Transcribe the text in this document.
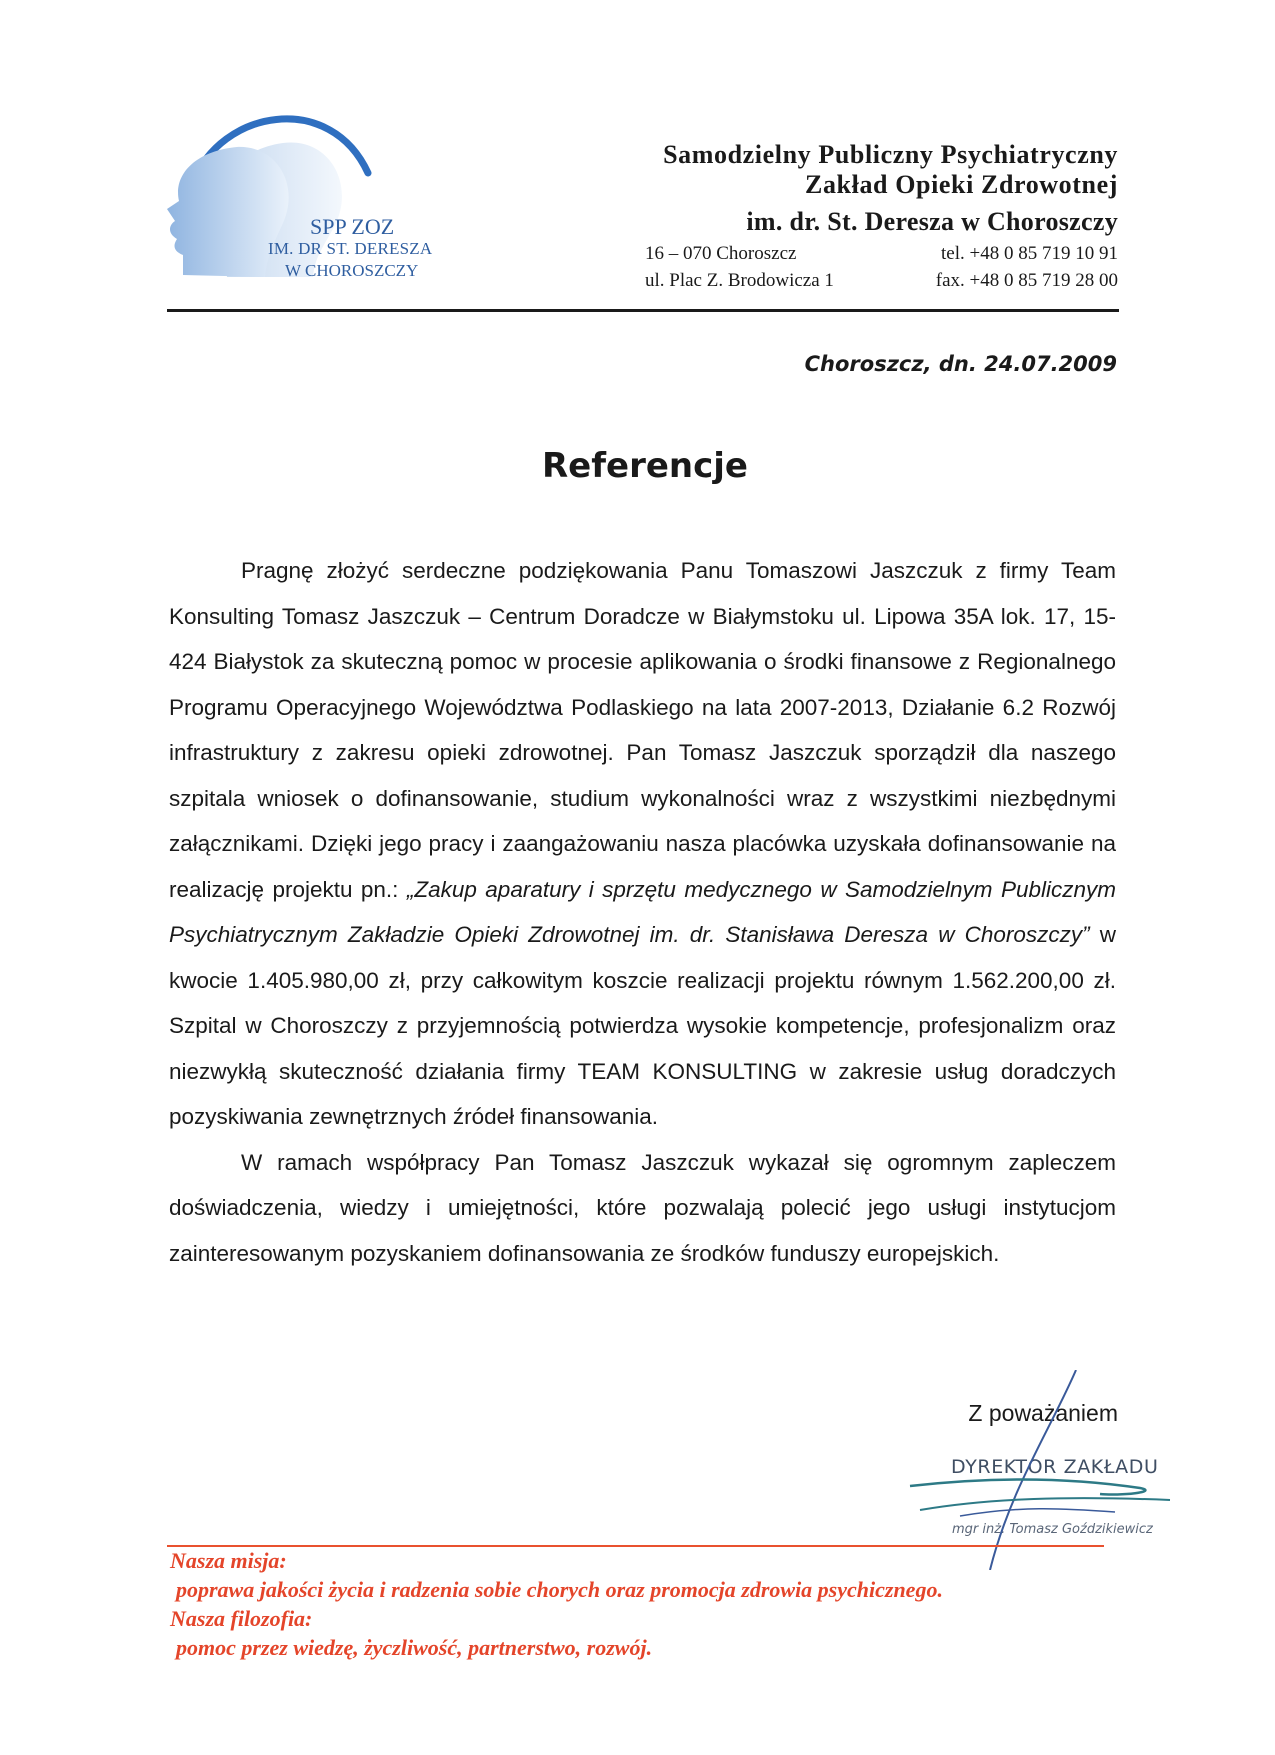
SPP ZOZ
IM. DR ST. DERESZA
W CHOROSZCZY
Samodzielny Publiczny Psychiatryczny
Zakład Opieki Zdrowotnej
im. dr. St. Deresza w Choroszczy
16 – 070 Choroszcz
ul. Plac Z. Brodowicza 1
tel. +48 0 85 719 10 91
fax. +48 0 85 719 28 00
Choroszcz, dn. 24.07.2009
Referencje

Pragnę złożyć serdeczne podziękowania Panu Tomaszowi Jaszczuk z firmy Team Konsulting Tomasz Jaszczuk – Centrum Doradcze w Białymstoku ul. Lipowa 35A lok. 17, 15-424 Białystok za skuteczną pomoc w procesie aplikowania o środki finansowe z Regionalnego Programu Operacyjnego Województwa Podlaskiego na lata 2007-2013, Działanie 6.2 Rozwój infrastruktury z zakresu opieki zdrowotnej. Pan Tomasz Jaszczuk sporządził dla naszego szpitala wniosek o dofinansowanie, studium wykonalności wraz z wszystkimi niezbędnymi załącznikami. Dzięki jego pracy i zaangażowaniu nasza placówka uzyskała dofinansowanie na realizację projektu pn.: „Zakup aparatury i sprzętu medycznego w Samodzielnym Publicznym Psychiatrycznym Zakładzie Opieki Zdrowotnej im. dr. Stanisława Deresza w Choroszczy” w kwocie 1.405.980,00 zł, przy całkowitym koszcie realizacji projektu równym 1.562.200,00 zł. Szpital w Choroszczy z przyjemnością potwierdza wysokie kompetencje, profesjonalizm oraz niezwykłą skuteczność działania firmy TEAM KONSULTING w zakresie usług doradczych pozyskiwania zewnętrznych źródeł finansowania.

W ramach współpracy Pan Tomasz Jaszczuk wykazał się ogromnym zapleczem doświadczenia, wiedzy i umiejętności, które pozwalają polecić jego usługi instytucjom zainteresowanym pozyskaniem dofinansowania ze środków funduszy europejskich.

Z poważaniem
DYREKTOR ZAKŁADU
mgr inż. Tomasz Goździkiewicz
Nasza misja:
poprawa jakości życia i radzenia sobie chorych oraz promocja zdrowia psychicznego.
Nasza filozofia:
pomoc przez wiedzę, życzliwość, partnerstwo, rozwój.
